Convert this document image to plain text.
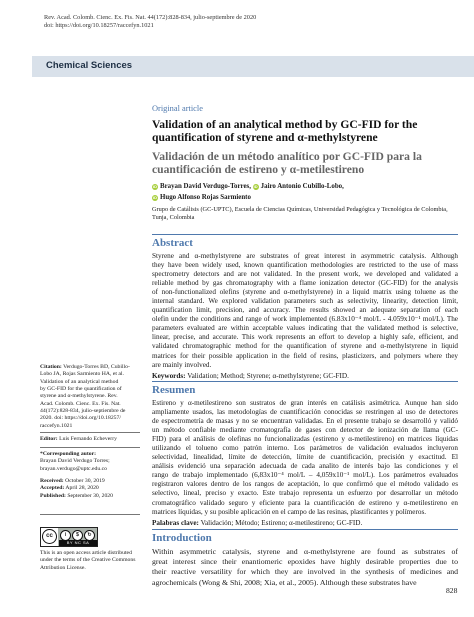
Rev. Acad. Colomb. Cienc. Ex. Fis. Nat. 44(172):828-834, julio-septiembre de 2020
doi: https://doi.org/10.18257/raccefyn.1021
Chemical Sciences
Original article
Validation of an analytical method by GC-FID for the quantification of styrene and α-methylstyrene
Validación de un método analítico por GC-FID para la cuantificación de estireno y α-metilestireno
iD Brayan David Verdugo-Torres, iD Jairo Antonio Cubillo-Lobo,
iD Hugo Alfonso Rojas Sarmiento
Grupo de Catálisis (GC-UPTC), Escuela de Ciencias Químicas, Universidad Pedagógica y Tecnológica de Colombia, Tunja, Colombia
Abstract
Styrene and α-methylstyrene are substrates of great interest in asymmetric catalysis. Although
they have been widely used, known quantification methodologies are restricted to the use of mass
spectrometry detectors and are not validated. In the present work, we developed and validated a
reliable method by gas chromatography with a flame ionization detector (GC-FID) for the analysis
of non-functionalized olefins (styrene and α-methylstyrene) in a liquid matrix using toluene as the
internal standard. We explored validation parameters such as selectivity, linearity, detection limit,
quantification limit, precision, and accuracy. The results showed an adequate separation of each
olefin under the conditions and range of work implemented (6.83x10⁻⁴ mol/L - 4.059x10⁻¹ mol/L). The
parameters evaluated are within acceptable values indicating that the validated method is selective,
linear, precise, and accurate. This work represents an effort to develop a highly safe, efficient, and
validated chromatographic method for the quantification of styrene and α-methylstyrene in liquid
matrices for their possible application in the field of resins, plasticizers, and polymers where they
are mainly involved.
Keywords: Validation; Method; Styrene; α-methylstyrene; GC-FID.
Resumen
Estireno y α-metilestireno son sustratos de gran interés en catálisis asimétrica. Aunque han sido
ampliamente usados, las metodologías de cuantificación conocidas se restringen al uso de detectores
de espectrometría de masas y no se encuentran validadas. En el presente trabajo se desarrolló y validó
un método confiable mediante cromatografía de gases con detector de ionización de llama (GC-
FID) para el análisis de olefinas no funcionalizadas (estireno y α-metilestireno) en matrices líquidas
utilizando el tolueno como patrón interno. Los parámetros de validación evaluados incluyeron
selectividad, linealidad, límite de detección, límite de cuantificación, precisión y exactitud. El
análisis evidenció una separación adecuada de cada analito de interés bajo las condiciones y el
rango de trabajo implementado (6,83x10⁻⁴ mol/L – 4,059x10⁻¹ mol/L). Los parámetros evaluados
registraron valores dentro de los rangos de aceptación, lo que confirmó que el método validado es
selectivo, lineal, preciso y exacto. Este trabajo representa un esfuerzo por desarrollar un método
cromatográfico validado seguro y eficiente para la cuantificación de estireno y α-metilestireno en
matrices líquidas, y su posible aplicación en el campo de las resinas, plastificantes y polímeros.
Palabras clave: Validación; Método; Estireno; α-metilestireno; GC-FID.
Introduction
Within asymmetric catalysis, styrene and α-methylstyrene are found as substrates of
great interest since their enantiomeric epoxides have highly desirable properties due to
their reactive versatility for which they are involved in the synthesis of medicines and
agrochemicals (Wong & Shi, 2008; Xia, et al., 2005). Although these substrates have
Citation: Verdugo-Torres BD, Cubillo-
Lobo JA, Rojas Sarmiento HA, et al.
Validation of an analytical method
by GC-FID for the quantification of
styrene and α-methylstyrene. Rev.
Acad. Colomb. Cienc. Ex. Fis. Nat.
44(172):828-834, julio-septiembre de
2020. doi: https://doi.org/10.18257/
raccefyn.1021
Editor: Luis Fernando Echeverry
*Corresponding autor:
Brayan David Verdugo Torres;
brayan.verdugo@uptc.edu.co
Received: October 30, 2019
Accepted: April 28, 2020
Published: September 30, 2020
cc	i	$	↻
BY NC SA
This is an open access article distributed
under the terms of the Creative Commons
Attribution License.
828
